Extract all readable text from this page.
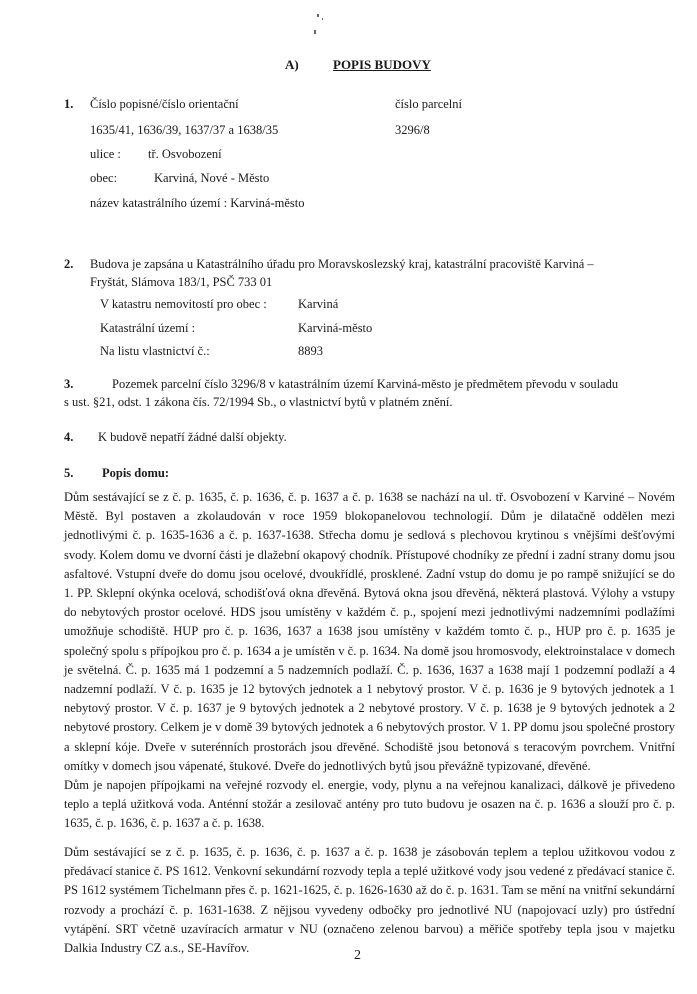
A)	POPIS BUDOVY
1. Číslo popisné/číslo orientační	číslo parcelní
1635/41, 1636/39, 1637/37 a 1638/35	3296/8
ulice : tř. Osvobození
obec:	Karviná, Nové - Město
název katastrálního území : Karviná-město
2. Budova je zapsána u Katastrálního úřadu pro Moravskoslezský kraj, katastrální pracoviště Karviná –
Fryštát, Slámova 183/1, PSČ 733 01
V katastru nemovitostí pro obec : Karviná
Katastrální území :	Karviná-město
Na listu vlastnictví č.:	8893
3.	Pozemek parcelní číslo 3296/8 v katastrálním území Karviná-město je předmětem převodu v souladu
s ust. §21, odst. 1 zákona čís. 72/1994 Sb., o vlastnictví bytů v platném znění.
4. K budově nepatří žádné další objekty.
5. Popis domu:
Dům sestávající se z č. p. 1635, č. p. 1636, č. p. 1637 a č. p. 1638 se nachází na ul. tř. Osvobození v Karviné – Novém Městě. Byl postaven a zkolaudován v roce 1959 blokopanelovou technologií. Dům je dilatačně oddělen mezi jednotlivými č. p. 1635-1636 a č. p. 1637-1638. Střecha domu je sedlová s plechovou krytinou s vnějšími dešťovými svody. Kolem domu ve dvorní části je dlažební okapový chodník. Přístupové chodníky ze přední i zadní strany domu jsou asfaltové. Vstupní dveře do domu jsou ocelové, dvoukřídlé, prosklené. Zadní vstup do domu je po rampě snižující se do 1. PP. Sklepní okýnka ocelová, schodišťová okna dřevěná. Bytová okna jsou dřevěná, některá plastová. Výlohy a vstupy do nebytových prostor ocelové. HDS jsou umístěny v každém č. p., spojení mezi jednotlivými nadzemními podlažími umožňuje schodiště. HUP pro č. p. 1636, 1637 a 1638 jsou umístěny v každém tomto č. p., HUP pro č. p. 1635 je společný spolu s přípojkou pro č. p. 1634 a je umístěn v č. p. 1634. Na domě jsou hromosvody, elektroinstalace v domech je světelná. Č. p. 1635 má 1 podzemní a 5 nadzemních podlaží. Č. p. 1636, 1637 a 1638 mají 1 podzemní podlaží a 4 nadzemní podlaží. V č. p. 1635 je 12 bytových jednotek a 1 nebytový prostor. V č. p. 1636 je 9 bytových jednotek a 1 nebytový prostor. V č. p. 1637 je 9 bytových jednotek a 2 nebytové prostory. V č. p. 1638 je 9 bytových jednotek a 2 nebytové prostory. Celkem je v domě 39 bytových jednotek a 6 nebytových prostor. V 1. PP domu jsou společné prostory a sklepní kóje. Dveře v suterénních prostorách jsou dřevěné. Schodiště jsou betonová s teracovým povrchem. Vnitřní omítky v domech jsou vápenaté, štukové. Dveře do jednotlivých bytů jsou převážně typizované, dřevěné.
Dům je napojen přípojkami na veřejné rozvody el. energie, vody, plynu a na veřejnou kanalizaci, dálkově je přivedeno teplo a teplá užitková voda. Anténní stožár a zesilovač antény pro tuto budovu je osazen na č. p. 1636 a slouží pro č. p. 1635, č. p. 1636, č. p. 1637 a č. p. 1638.
Dům sestávající se z č. p. 1635, č. p. 1636, č. p. 1637 a č. p. 1638 je zásobován teplem a teplou užitkovou vodou z předávací stanice č. PS 1612. Venkovní sekundární rozvody tepla a teplé užitkové vody jsou vedené z předávací stanice č. PS 1612 systémem Tichelmann přes č. p. 1621-1625, č. p. 1626-1630 až do č. p. 1631. Tam se mění na vnitřní sekundární rozvody a prochází č. p. 1631-1638. Z nějjsou vyvedeny odbočky pro jednotlivé NU (napojovací uzly) pro ústřední vytápění. SRT včetně uzavíracích armatur v NU (označeno zelenou barvou) a měřiče spotřeby tepla jsou v majetku Dalkia Industry CZ a.s., SE-Havířov.	2
